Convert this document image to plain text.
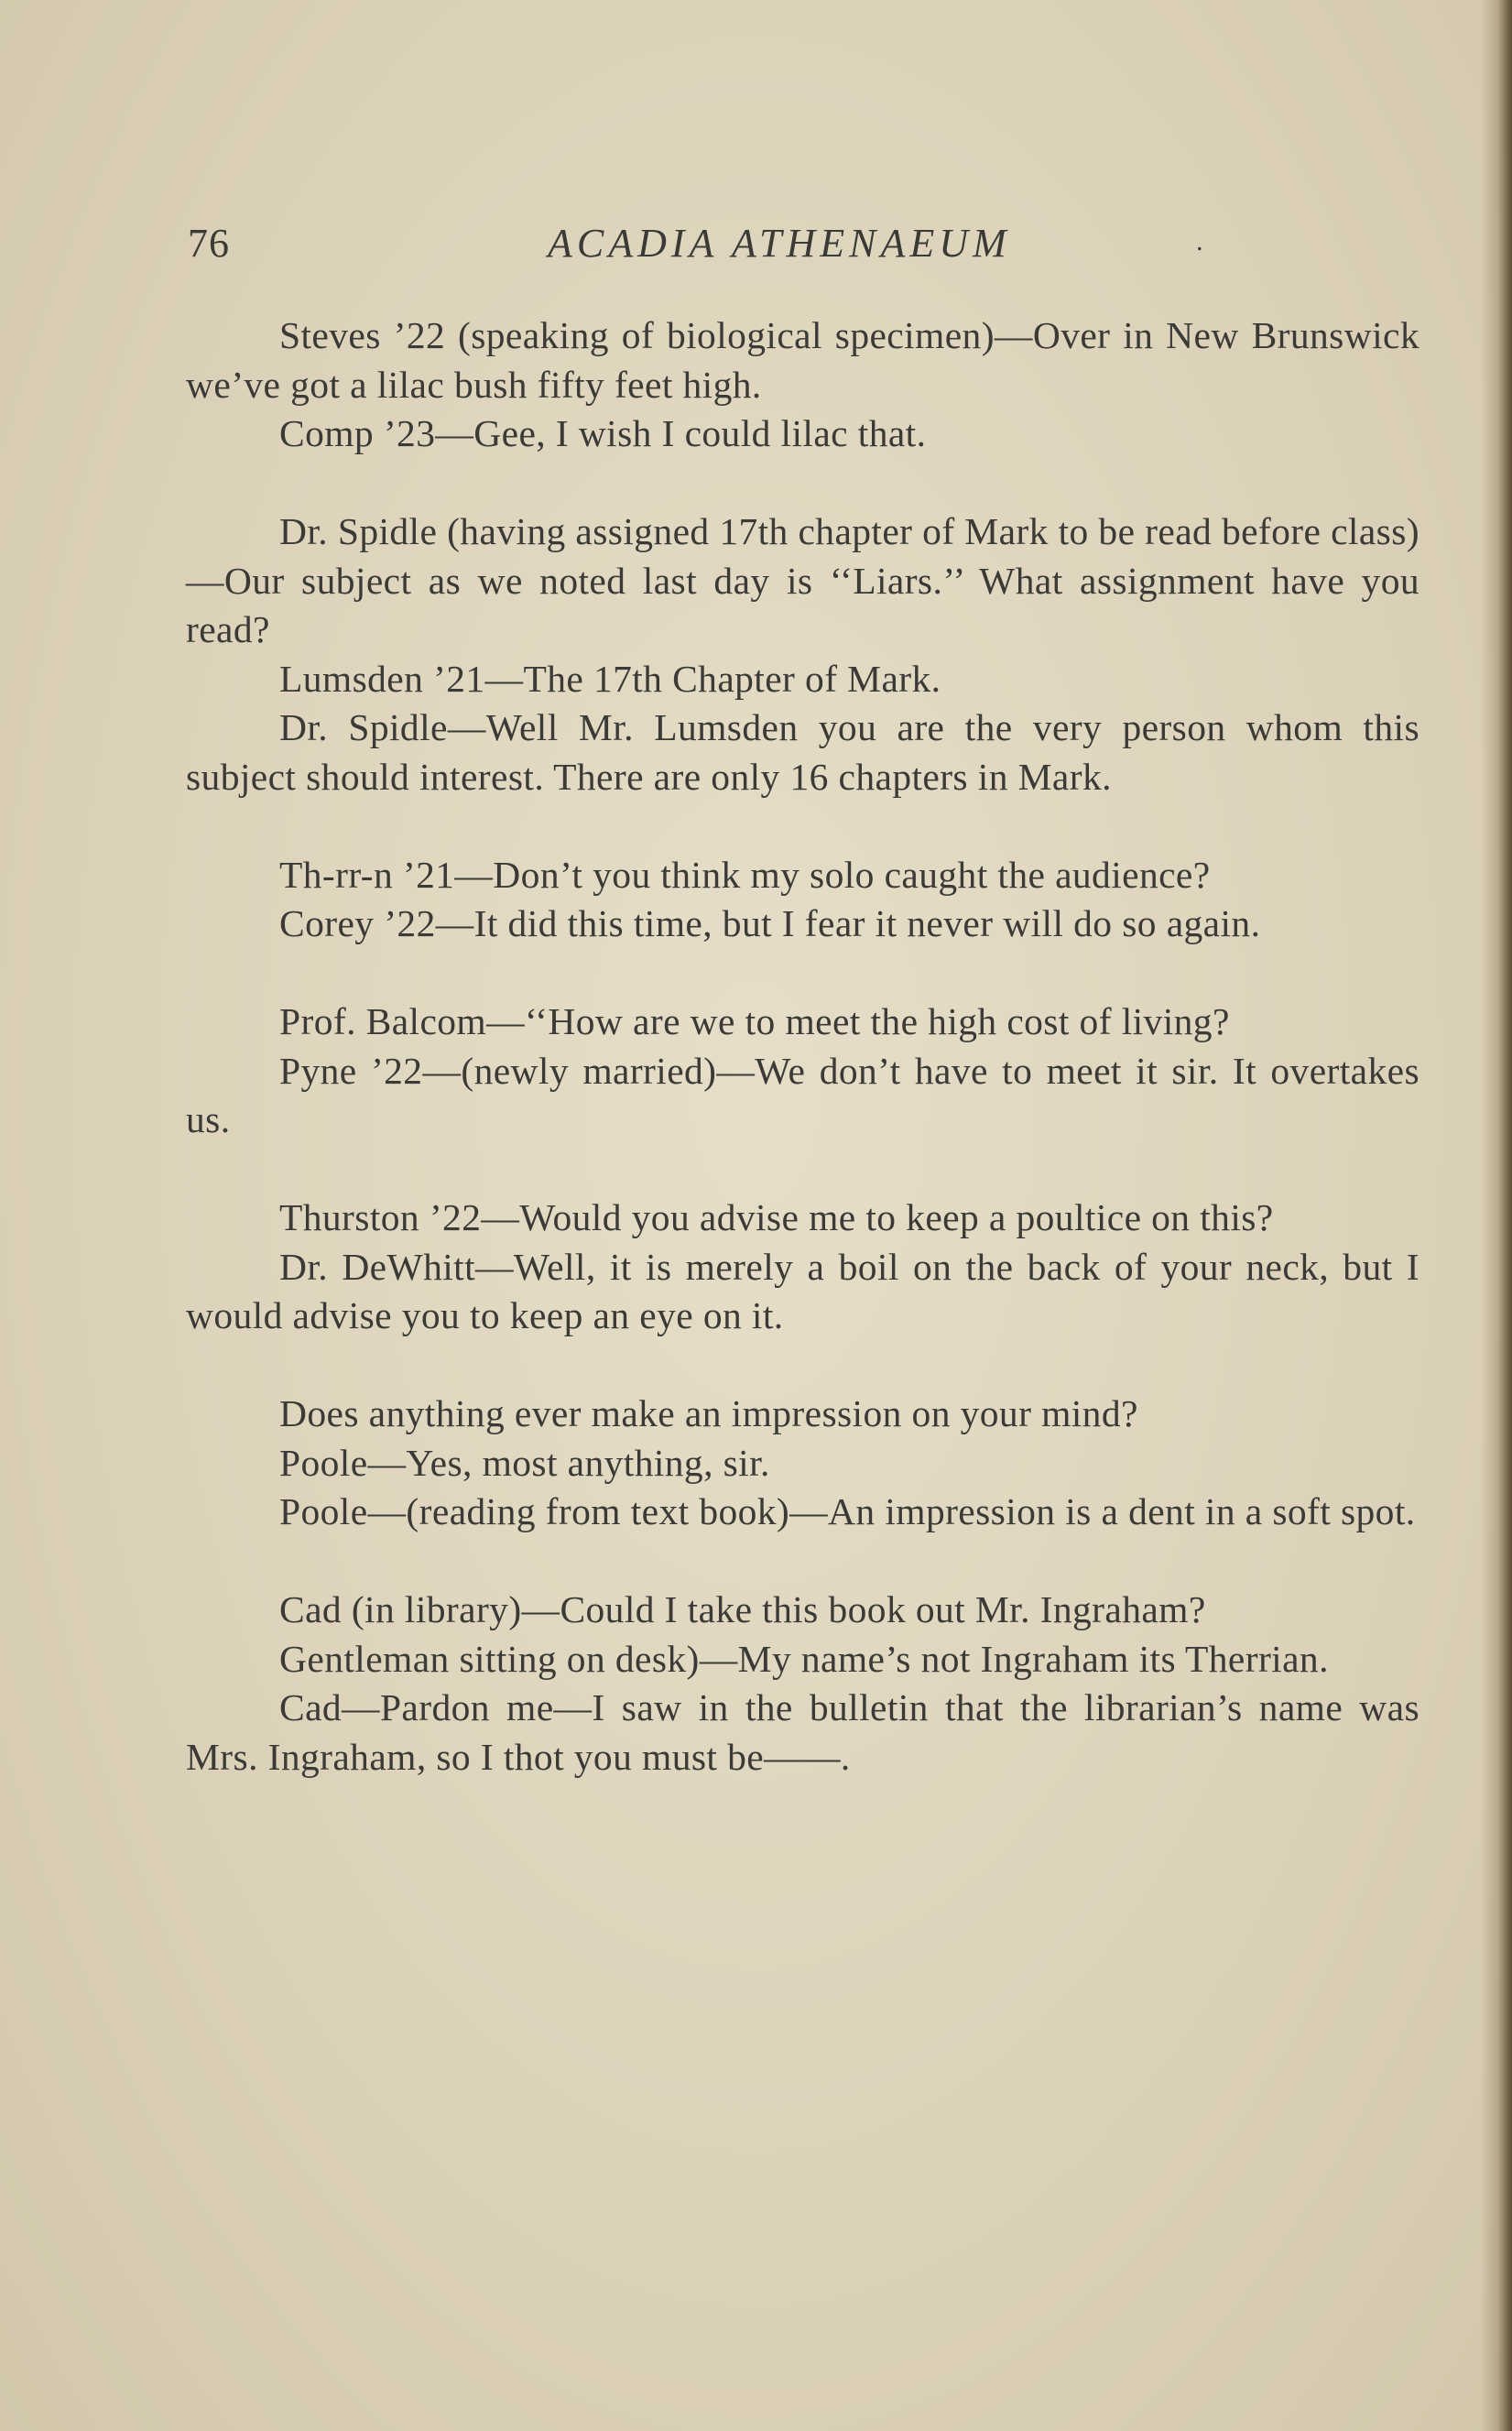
76	ACADIA ATHENAEUM	.

Steves ’22 (speaking of biological specimen)—Over in New Brunswick we’ve got a lilac bush fifty feet high.

Comp ’23—Gee, I wish I could lilac that.

Dr. Spidle (having assigned 17th chapter of Mark to be read before class)—Our subject as we noted last day is ‘‘Liars.’’ What assignment have you read?

Lumsden ’21—The 17th Chapter of Mark.

Dr. Spidle—Well Mr. Lumsden you are the very person whom this subject should interest. There are only 16 chapters in Mark.

Th-rr-n ’21—Don’t you think my solo caught the audience?

Corey ’22—It did this time, but I fear it never will do so again.

Prof. Balcom—‘‘How are we to meet the high cost of living?

Pyne ’22—(newly married)—We don’t have to meet it sir. It overtakes us.

Thurston ’22—Would you advise me to keep a poultice on this?

Dr. DeWhitt—Well, it is merely a boil on the back of your neck, but I would advise you to keep an eye on it.

Does anything ever make an impression on your mind?

Poole—Yes, most anything, sir.

Poole—(reading from text book)—An impression is a dent in a soft spot.

Cad (in library)—Could I take this book out Mr. Ingraham?

Gentleman sitting on desk)—My name’s not Ingraham its Therrian.

Cad—Pardon me—I saw in the bulletin that the librarian’s name was Mrs. Ingraham, so I thot you must be——.
